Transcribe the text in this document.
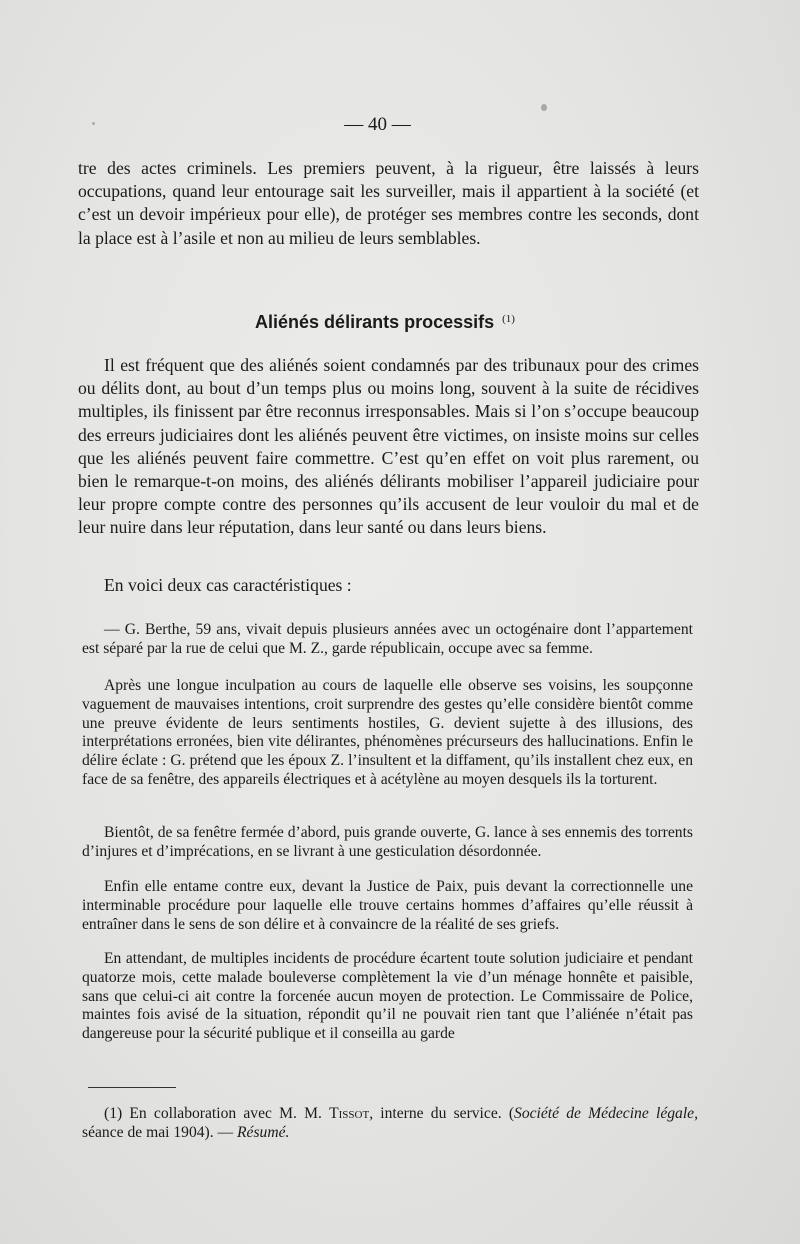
— 40 —

tre des actes criminels. Les premiers peuvent, à la rigueur, être laissés à leurs occupations, quand leur entourage sait les surveiller, mais il appartient à la société (et c’est un devoir impérieux pour elle), de protéger ses membres contre les seconds, dont la place est à l’asile et non au milieu de leurs semblables.

Aliénés délirants processifs $^{(1)}$

Il est fréquent que des aliénés soient condamnés par des tribunaux pour des crimes ou délits dont, au bout d’un temps plus ou moins long, souvent à la suite de récidives multiples, ils finissent par être reconnus irresponsables. Mais si l’on s’occupe beaucoup des erreurs judiciaires dont les aliénés peuvent être victimes, on insiste moins sur celles que les aliénés peuvent faire commettre. C’est qu’en effet on voit plus rarement, ou bien le remarque-t-on moins, des aliénés délirants mobiliser l’appareil judiciaire pour leur propre compte contre des personnes qu’ils accusent de leur vouloir du mal et de leur nuire dans leur réputation, dans leur santé ou dans leurs biens.

En voici deux cas caractéristiques :

— G. Berthe, 59 ans, vivait depuis plusieurs années avec un octogénaire dont l’appartement est séparé par la rue de celui que M. Z., garde républicain, occupe avec sa femme.

Après une longue inculpation au cours de laquelle elle observe ses voisins, les soupçonne vaguement de mauvaises intentions, croit surprendre des gestes qu’elle considère bientôt comme une preuve évidente de leurs sentiments hostiles, G. devient sujette à des illusions, des interprétations erronées, bien vite délirantes, phénomènes précurseurs des hallucinations. Enfin le délire éclate : G. prétend que les époux Z. l’insultent et la diffament, qu’ils installent chez eux, en face de sa fenêtre, des appareils électriques et à acétylène au moyen desquels ils la torturent.

Bientôt, de sa fenêtre fermée d’abord, puis grande ouverte, G. lance à ses ennemis des torrents d’injures et d’imprécations, en se livrant à une gesticulation désordonnée.

Enfin elle entame contre eux, devant la Justice de Paix, puis devant la correctionnelle une interminable procédure pour laquelle elle trouve certains hommes d’affaires qu’elle réussit à entraîner dans le sens de son délire et à convaincre de la réalité de ses griefs.

En attendant, de multiples incidents de procédure écartent toute solution judiciaire et pendant quatorze mois, cette malade bouleverse complètement la vie d’un ménage honnête et paisible, sans que celui-ci ait contre la forcenée aucun moyen de protection. Le Commissaire de Police, maintes fois avisé de la situation, répondit qu’il ne pouvait rien tant que l’aliénée n’était pas dangereuse pour la sécurité publique et il conseilla au garde

(1) En collaboration avec M. M. Tissot, interne du service. (Société de Médecine légale, séance de mai 1904). — Résumé.
